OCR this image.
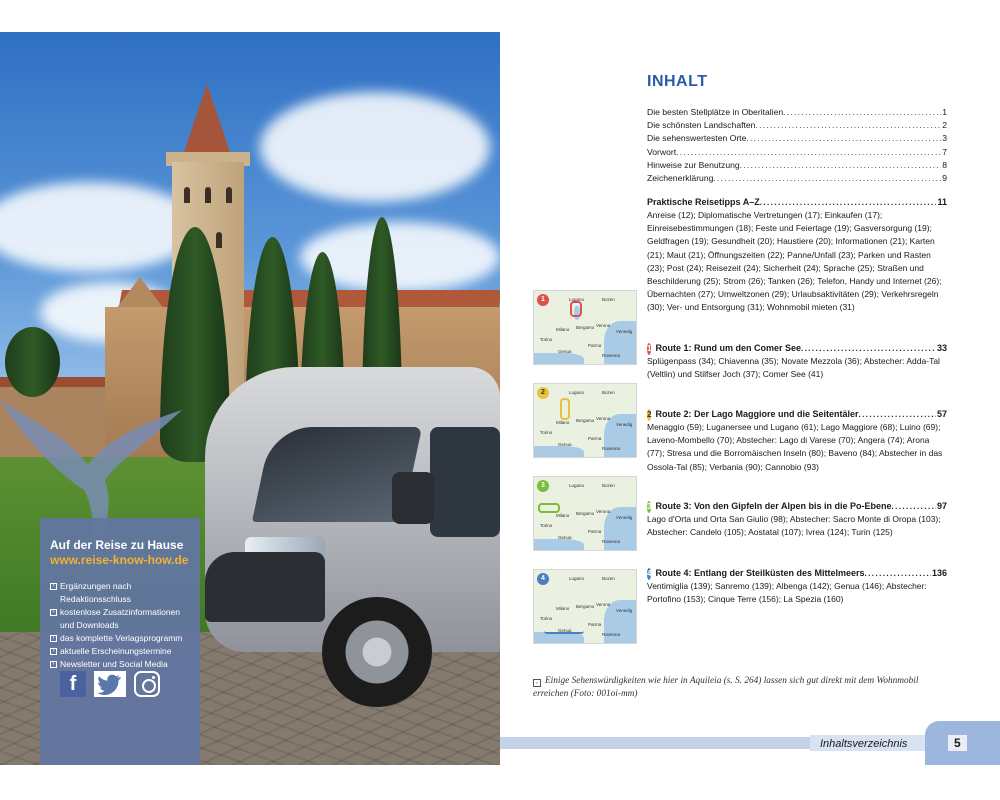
Auf der Reise zu Hause
www.reise-know-how.de
› Ergänzungen nach Redaktionsschluss
› kostenlose Zusatzinformationen und Downloads
› das komplette Verlagsprogramm
› aktuelle Erscheinungstermine
› Newsletter und Social Media
f
INHALT
Die besten Stellplätze in Oberitalien . . .	1
Die schönsten Landschaften . . .	2
Die sehenswertesten Orte . . .	3
Vorwort . . .	7
Hinweise zur Benutzung . . .	8
Zeichenerklärung . . .	9
Praktische Reisetipps A–Z . . .	11
Anreise (12); Diplomatische Vertretungen (17); Einkaufen (17); Einreisebestimmungen (18); Feste und Feiertage (19); Gasversorgung (19); Geldfragen (19); Gesundheit (20); Haustiere (20); Informationen (21); Karten (21); Maut (21); Öffnungszeiten (22); Panne/Unfall (23); Parken und Rasten (23); Post (24); Reisezeit (24); Sicherheit (24); Sprache (25); Straßen und Beschilderung (25); Strom (26); Tanken (26); Telefon, Handy und Internet (26); Übernachten (27); Umweltzonen (29); Urlaubsaktivitäten (29); Verkehrsregeln (30); Ver- und Entsorgung (31); Wohnmobil mieten (31)
Lugano	Bozen
Milano Bergamo Verona
Venedig
Torino
Genua
Parma
Ravenna
1
Lugano	Bozen
Milano Bergamo Verona
Venedig
Torino
Genua
Parma
Ravenna
2
Lugano	Bozen
Milano Bergamo Verona
Venedig
Torino
Genua
Parma
Ravenna
3
Lugano	Bozen
Milano Bergamo Verona
Venedig
Torino
Genua
Parma
Ravenna
4
1 Route 1: Rund um den Comer See . . .	33
Splügenpass (34); Chiavenna (35); Novate Mezzola (36); Abstecher: Adda-Tal (Veltlin) und Stilfser Joch (37); Comer See (41)
2 Route 2: Der Lago Maggiore und die Seitentäler . . .	57
Menaggio (59); Luganersee und Lugano (61); Lago Maggiore (68); Luino (69); Laveno-Mombello (70); Abstecher: Lago di Varese (70); Angera (74); Arona (77); Stresa und die Borromäischen Inseln (80); Baveno (84); Abstecher in das Ossola-Tal (85); Verbania (90); Cannobio (93)
3 Route 3: Von den Gipfeln der Alpen bis in die Po-Ebene . . .	97
Lago d'Orta und Orta San Giulio (98); Abstecher: Sacro Monte di Oropa (103); Abstecher: Candelo (105); Aostatal (107); Ivrea (124); Turin (125)
4 Route 4: Entlang der Steilküsten des Mittelmeers . . .	136
Ventimiglia (139); Sanremo (139); Albenga (142); Genua (146); Abstecher: Portofino (153); Cinque Terre (156); La Spezia (160)
‹ Einige Sehenswürdigkeiten wie hier in Aquileia (s. S. 264) lassen sich gut direkt mit dem Wohnmobil erreichen (Foto: 001oi-mm)
Inhaltsverzeichnis	5
